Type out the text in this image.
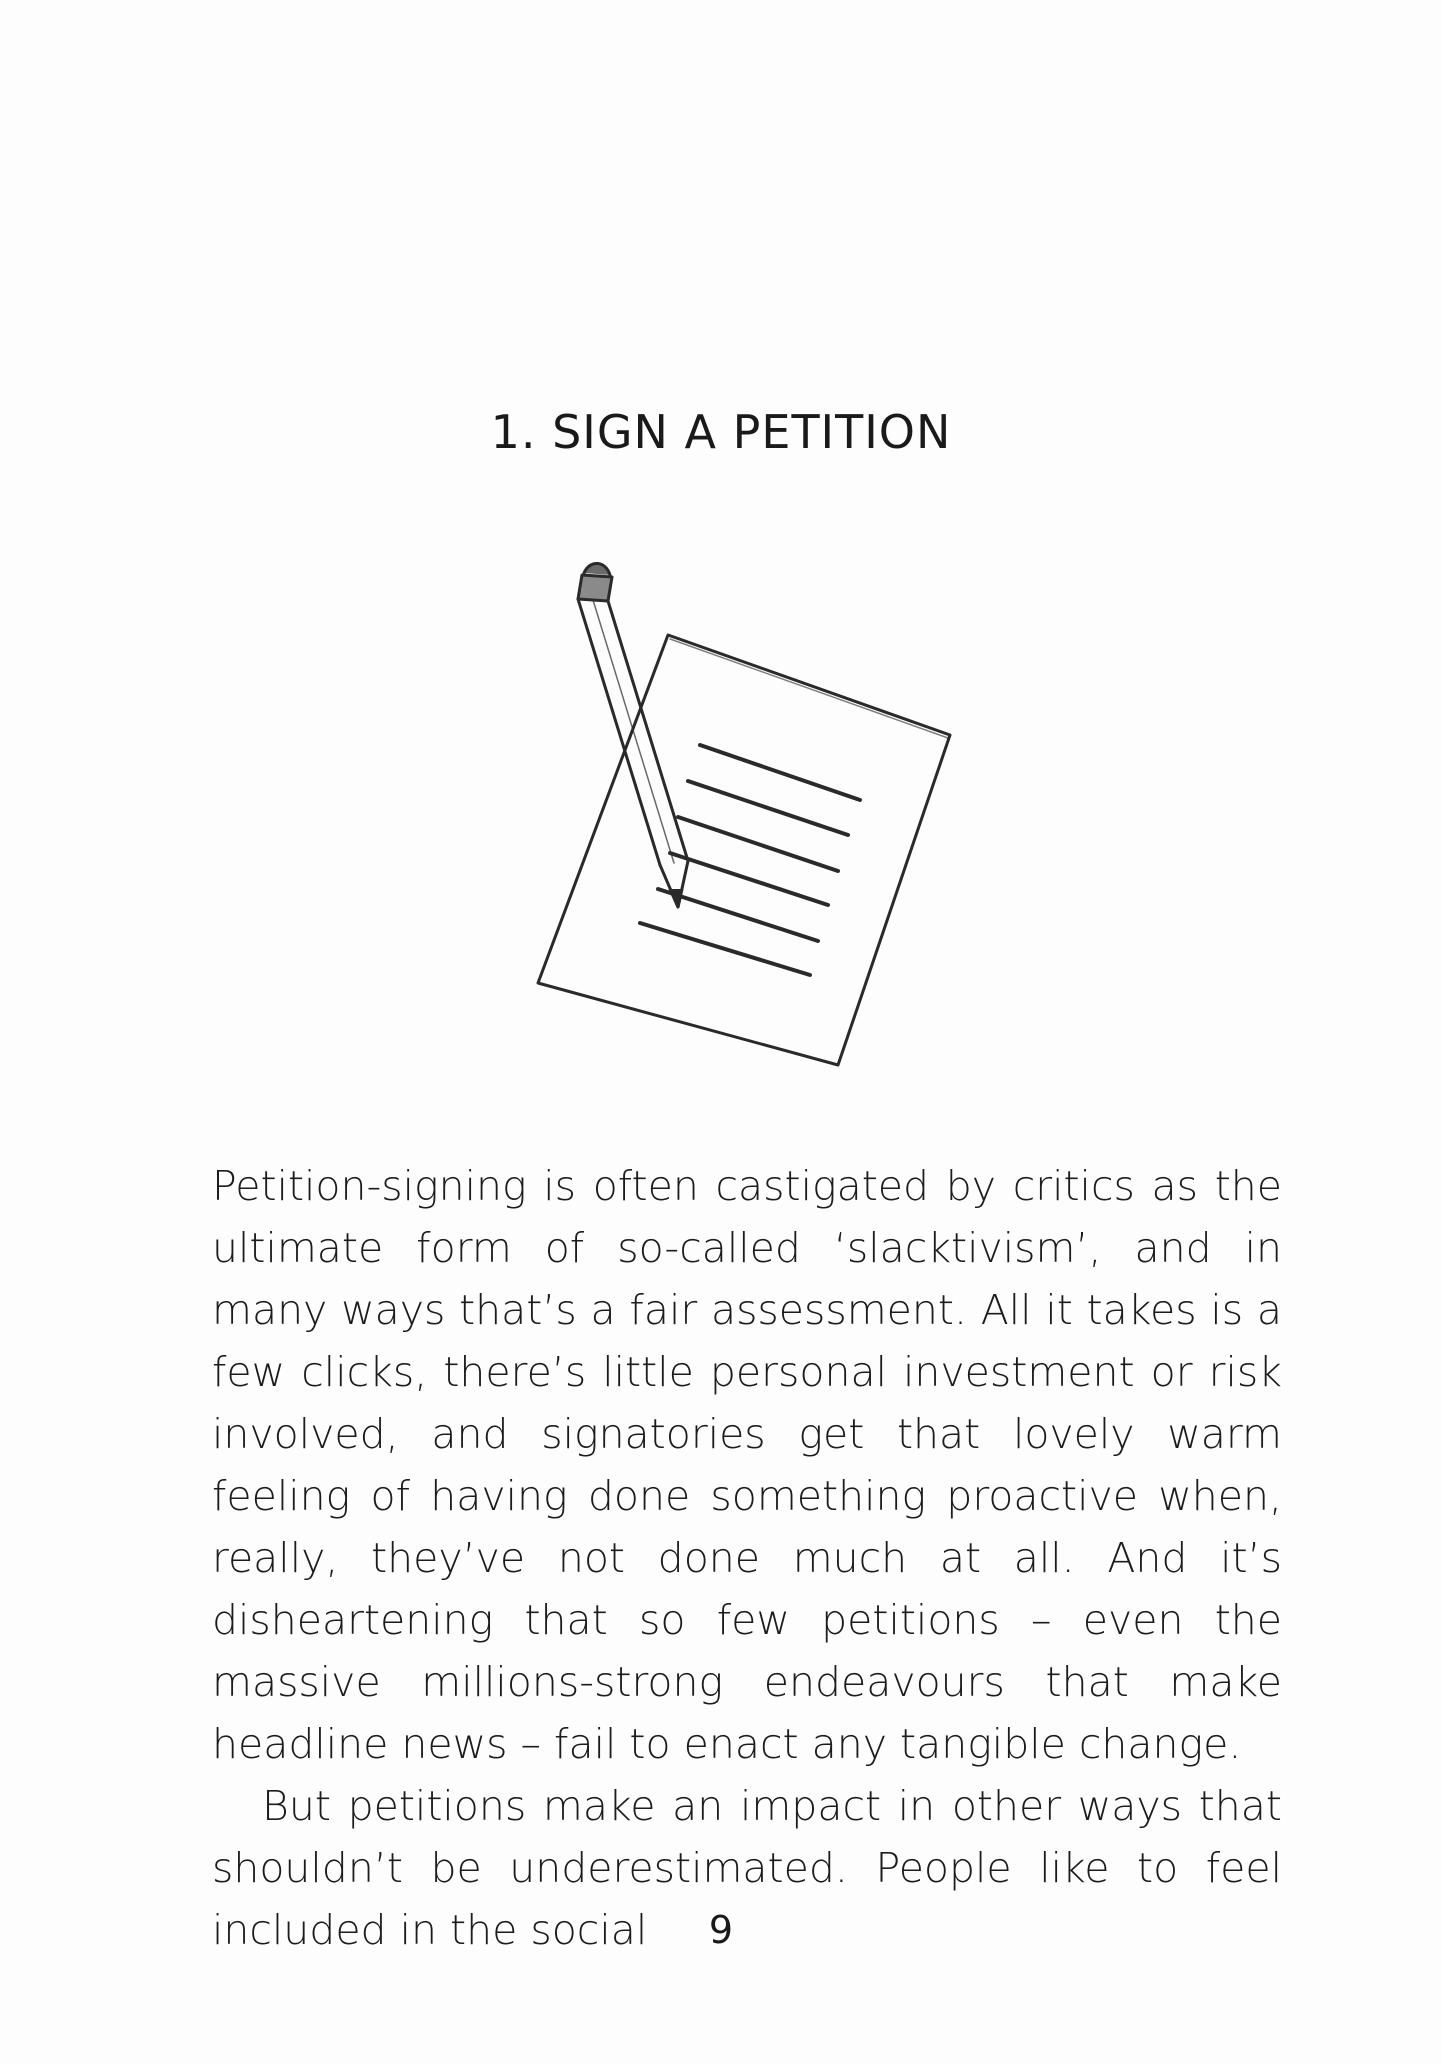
1. SIGN A PETITION

Petition-signing is often castigated by critics as the ultimate form of so-called ‘slacktivism’, and in many ways that’s a fair assessment. All it takes is a few clicks, there’s little personal investment or risk involved, and signatories get that lovely warm feeling of having done something proactive when, really, they’ve not done much at all. And it’s disheartening that so few petitions – even the massive millions-strong endeavours that make headline news – fail to enact any tangible change.

But petitions make an impact in other ways that shouldn’t be underestimated. People like to feel included in the social	9
